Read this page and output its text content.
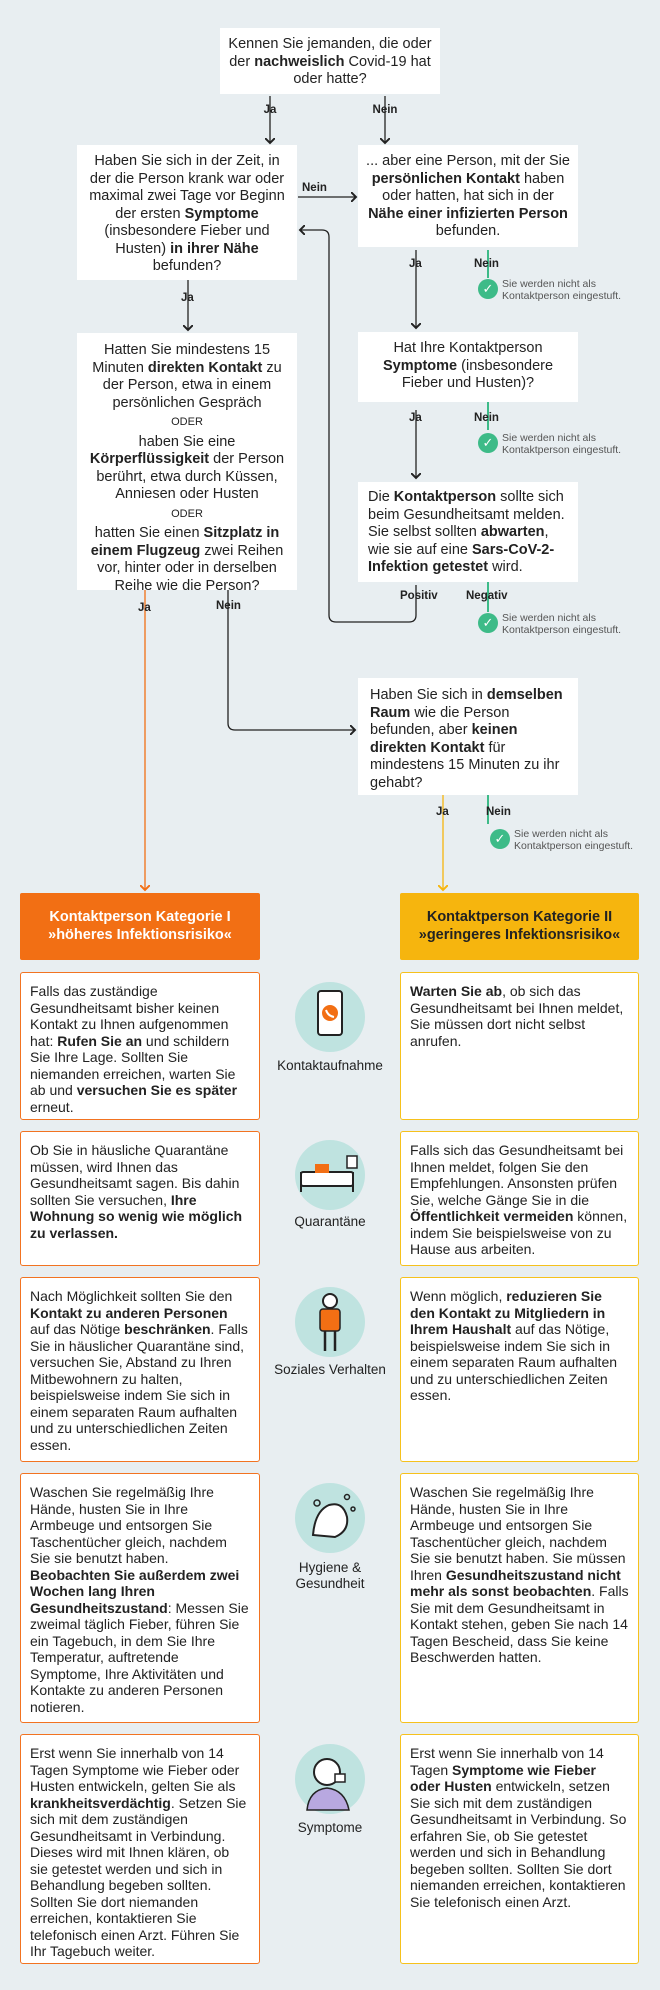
Kennen Sie jemanden, die oder der nachweislich Covid-19 hat oder hatte?
Ja	Nein
Haben Sie sich in der Zeit, in der die Person krank war oder maximal zwei Tage vor Beginn der ersten Symptome (insbesondere Fieber und Husten) in ihrer Nähe befunden?
Nein
Ja
... aber eine Person, mit der Sie persönlichen Kontakt haben oder hatten, hat sich in der Nähe einer infizierten Person befunden.
Ja	Nein
✓ Sie werden nicht als Kontaktperson eingestuft.
Hat Ihre Kontaktperson Symptome (insbesondere Fieber und Husten)?
Ja	Nein
✓ Sie werden nicht als Kontaktperson eingestuft.
Die Kontaktperson sollte sich beim Gesundheitsamt melden. Sie selbst sollten abwarten, wie sie auf eine Sars-CoV-2-Infektion getestet wird.
Positiv Negativ
✓ Sie werden nicht als Kontaktperson eingestuft.
Hatten Sie mindestens 15 Minuten direkten Kontakt zu der Person, etwa in einem persönlichen Gespräch
ODER
haben Sie eine Körperflüssigkeit der Person berührt, etwa durch Küssen, Anniesen oder Husten
ODER
hatten Sie einen Sitzplatz in einem Flugzeug zwei Reihen vor, hinter oder in derselben Reihe wie die Person?
Ja	Nein
Haben Sie sich in demselben Raum wie die Person befunden, aber keinen direkten Kontakt für mindestens 15 Minuten zu ihr gehabt?
Ja	Nein
✓ Sie werden nicht als Kontaktperson eingestuft.
Kontaktperson Kategorie I
»höheres Infektionsrisiko«
Kontaktperson Kategorie II
»geringeres Infektionsrisiko«
Falls das zuständige Gesundheitsamt bisher keinen Kontakt zu Ihnen aufgenommen hat: Rufen Sie an und schildern Sie Ihre Lage. Sollten Sie niemanden erreichen, warten Sie ab und versuchen Sie es später erneut.
Kontaktaufnahme
Warten Sie ab, ob sich das Gesundheitsamt bei Ihnen meldet, Sie müssen dort nicht selbst anrufen.
Ob Sie in häusliche Quarantäne müssen, wird Ihnen das Gesundheitsamt sagen. Bis dahin sollten Sie versuchen, Ihre Wohnung so wenig wie möglich zu verlassen.
Quarantäne
Falls sich das Gesundheitsamt bei Ihnen meldet, folgen Sie den Empfehlungen. Ansonsten prüfen Sie, welche Gänge Sie in die Öffentlichkeit vermeiden können, indem Sie beispielsweise von zu Hause aus arbeiten.
Nach Möglichkeit sollten Sie den Kontakt zu anderen Personen auf das Nötige beschränken. Falls Sie in häuslicher Quarantäne sind, versuchen Sie, Abstand zu Ihren Mitbewohnern zu halten, beispielsweise indem Sie sich in einem separaten Raum aufhalten und zu unterschiedlichen Zeiten essen.
Soziales Verhalten
Wenn möglich, reduzieren Sie den Kontakt zu Mitgliedern in Ihrem Haushalt auf das Nötige, beispielsweise indem Sie sich in einem separaten Raum aufhalten und zu unterschiedlichen Zeiten essen.
Waschen Sie regelmäßig Ihre Hände, husten Sie in Ihre Armbeuge und entsorgen Sie Taschentücher gleich, nachdem Sie sie benutzt haben. Beobachten Sie außerdem zwei Wochen lang Ihren Gesundheitszustand: Messen Sie zweimal täglich Fieber, führen Sie ein Tagebuch, in dem Sie Ihre Temperatur, auftretende Symptome, Ihre Aktivitäten und Kontakte zu anderen Personen notieren.
Hygiene & Gesundheit
Waschen Sie regelmäßig Ihre Hände, husten Sie in Ihre Armbeuge und entsorgen Sie Taschentücher gleich, nachdem Sie sie benutzt haben. Sie müssen Ihren Gesundheitszustand nicht mehr als sonst beobachten. Falls Sie mit dem Gesundheitsamt in Kontakt stehen, geben Sie nach 14 Tagen Bescheid, dass Sie keine Beschwerden hatten.
Erst wenn Sie innerhalb von 14 Tagen Symptome wie Fieber oder Husten entwickeln, gelten Sie als krankheitsverdächtig. Setzen Sie sich mit dem zuständigen Gesundheitsamt in Verbindung. Dieses wird mit Ihnen klären, ob sie getestet werden und sich in Behandlung begeben sollten. Sollten Sie dort niemanden erreichen, kontaktieren Sie telefonisch einen Arzt. Führen Sie Ihr Tagebuch weiter.
Symptome
Erst wenn Sie innerhalb von 14 Tagen Symptome wie Fieber oder Husten entwickeln, setzen Sie sich mit dem zuständigen Gesundheitsamt in Verbindung. So erfahren Sie, ob Sie getestet werden und sich in Behandlung begeben sollten. Sollten Sie dort niemanden erreichen, kontaktieren Sie telefonisch einen Arzt.
